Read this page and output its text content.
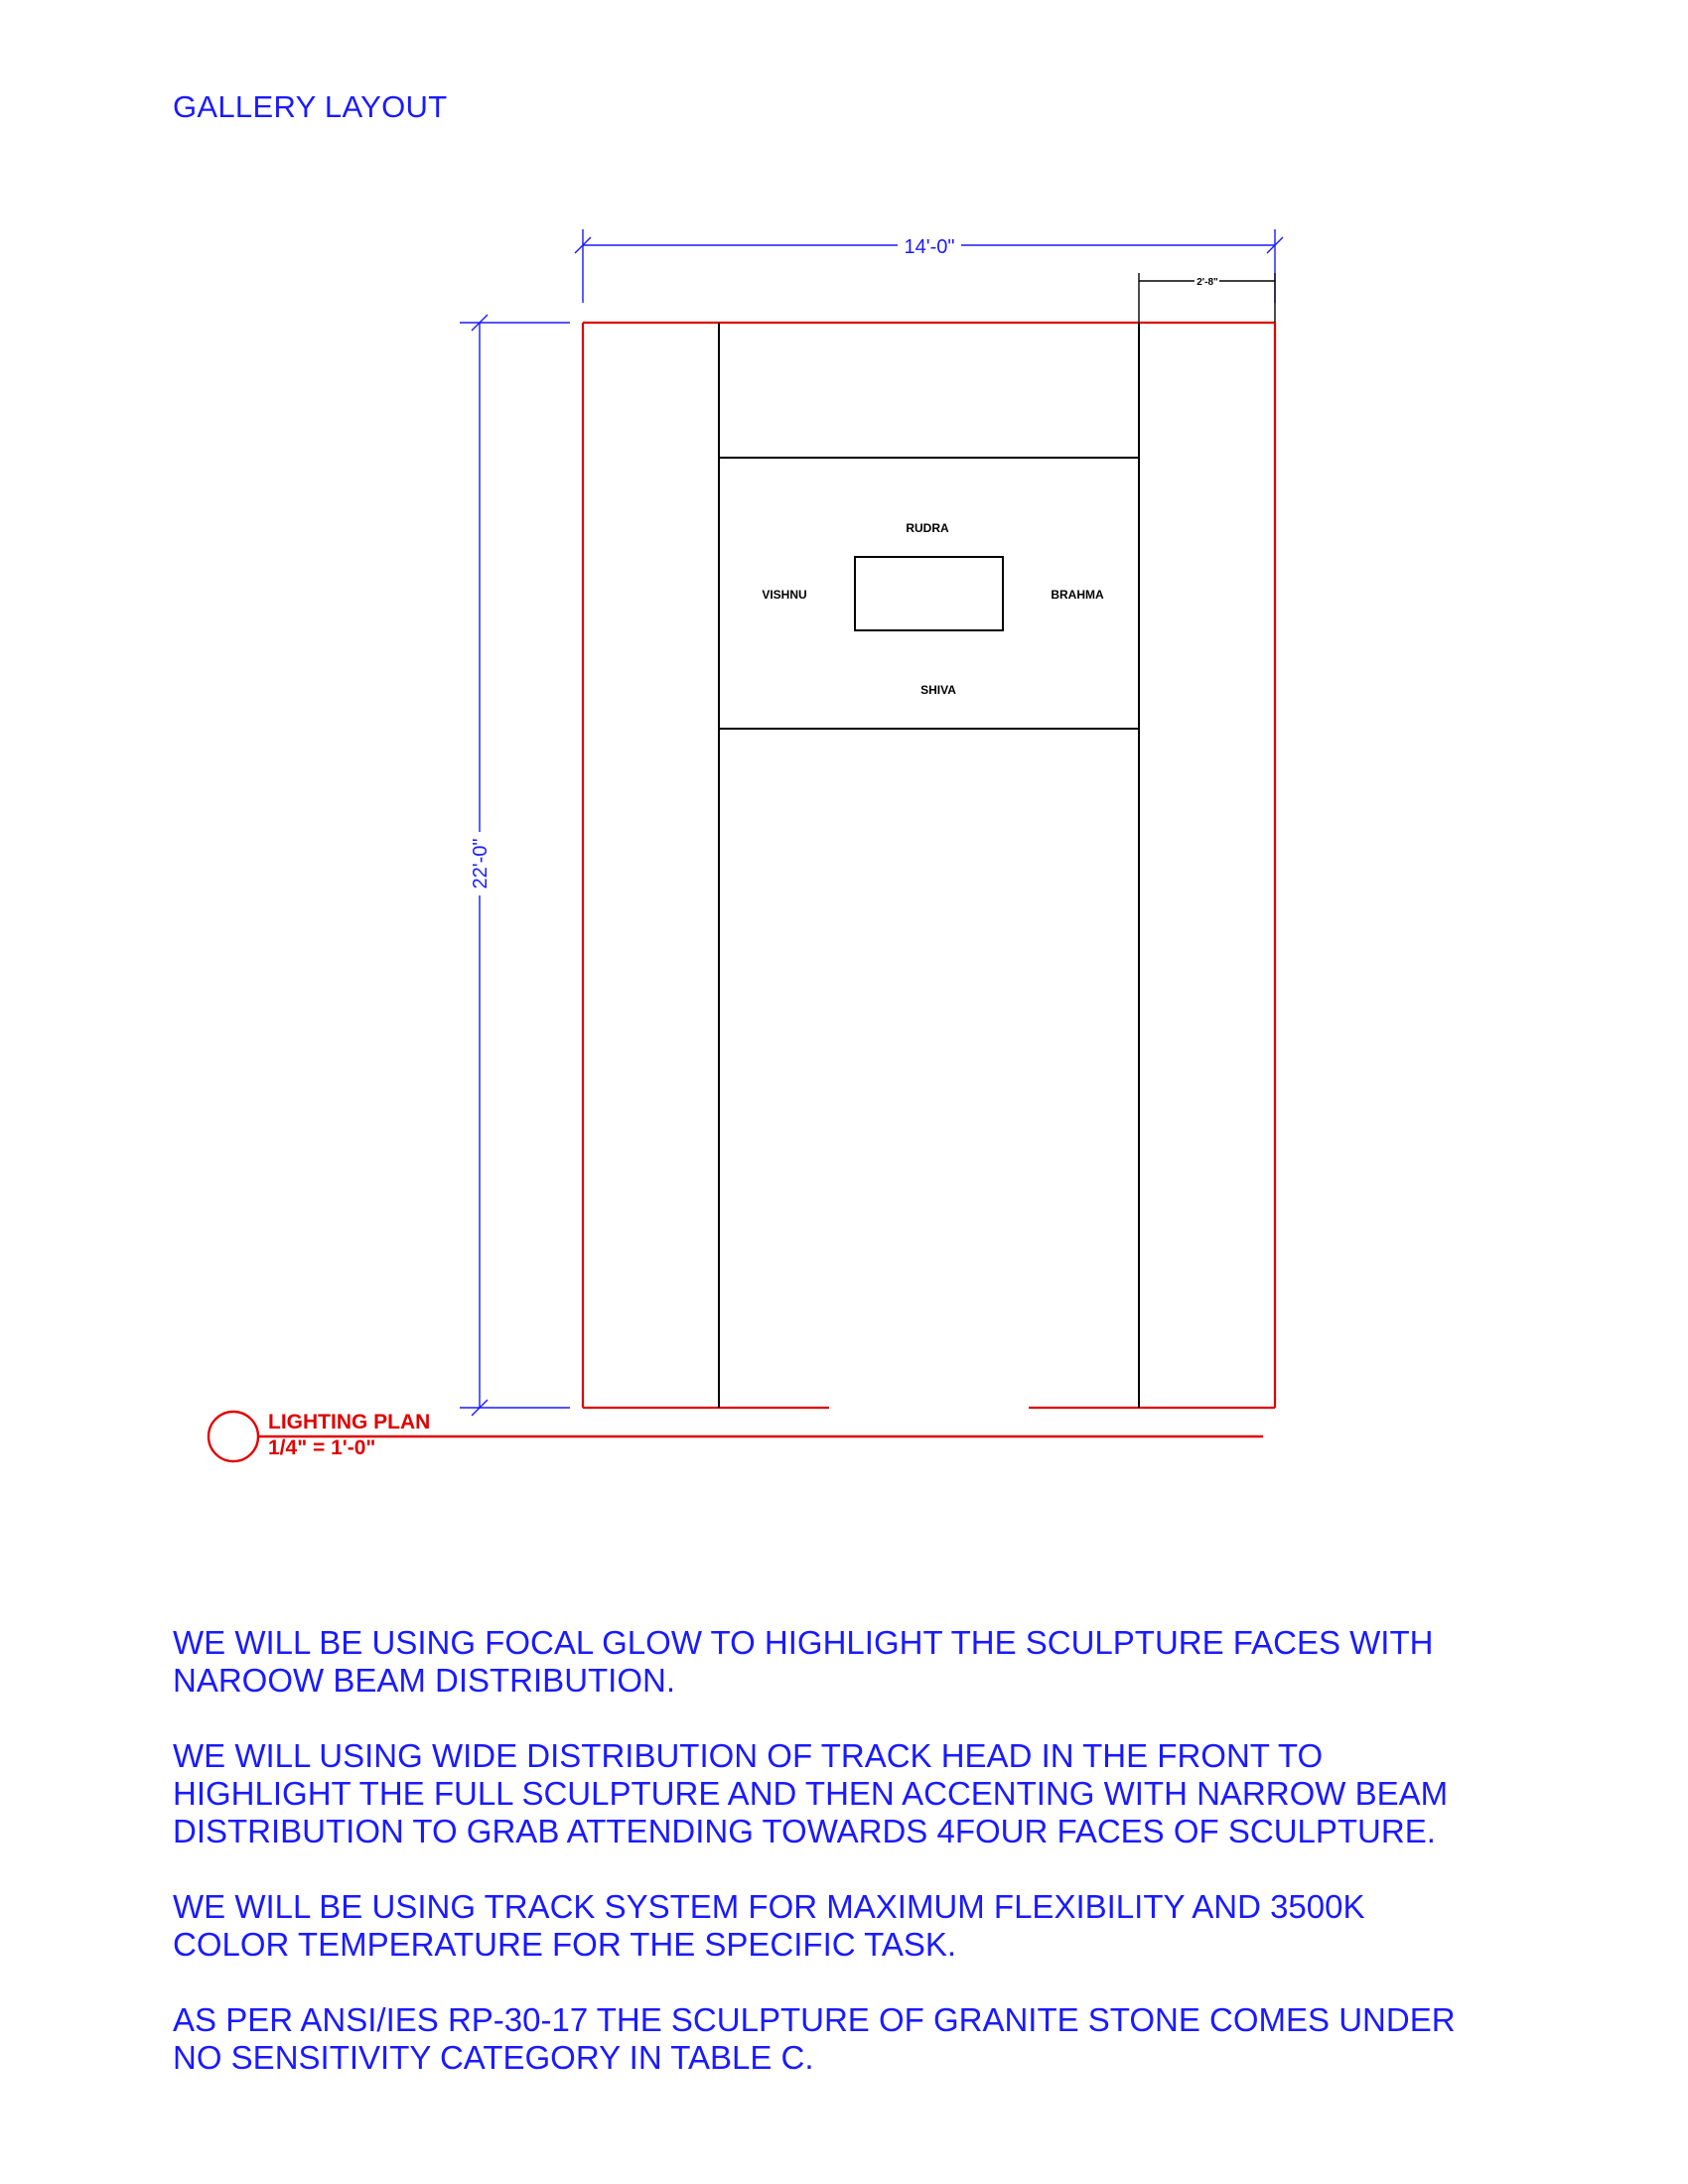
GALLERY LAYOUT
RUDRA
VISHNU	BRAHMA
SHIVA
14'-0"
2'-8"
22'-0"
LIGHTING PLAN
1/4" = 1'-0"

WE WILL BE USING FOCAL GLOW TO HIGHLIGHT THE SCULPTURE FACES WITH
NAROOW BEAM DISTRIBUTION.

WE WILL USING WIDE DISTRIBUTION OF TRACK HEAD IN THE FRONT TO
HIGHLIGHT THE FULL SCULPTURE AND THEN ACCENTING WITH NARROW BEAM
DISTRIBUTION TO GRAB ATTENDING TOWARDS 4FOUR FACES OF SCULPTURE.

WE WILL BE USING TRACK SYSTEM FOR MAXIMUM FLEXIBILITY AND 3500K
COLOR TEMPERATURE FOR THE SPECIFIC TASK.

AS PER ANSI/IES RP-30-17 THE SCULPTURE OF GRANITE STONE COMES UNDER
NO SENSITIVITY CATEGORY IN TABLE C.
